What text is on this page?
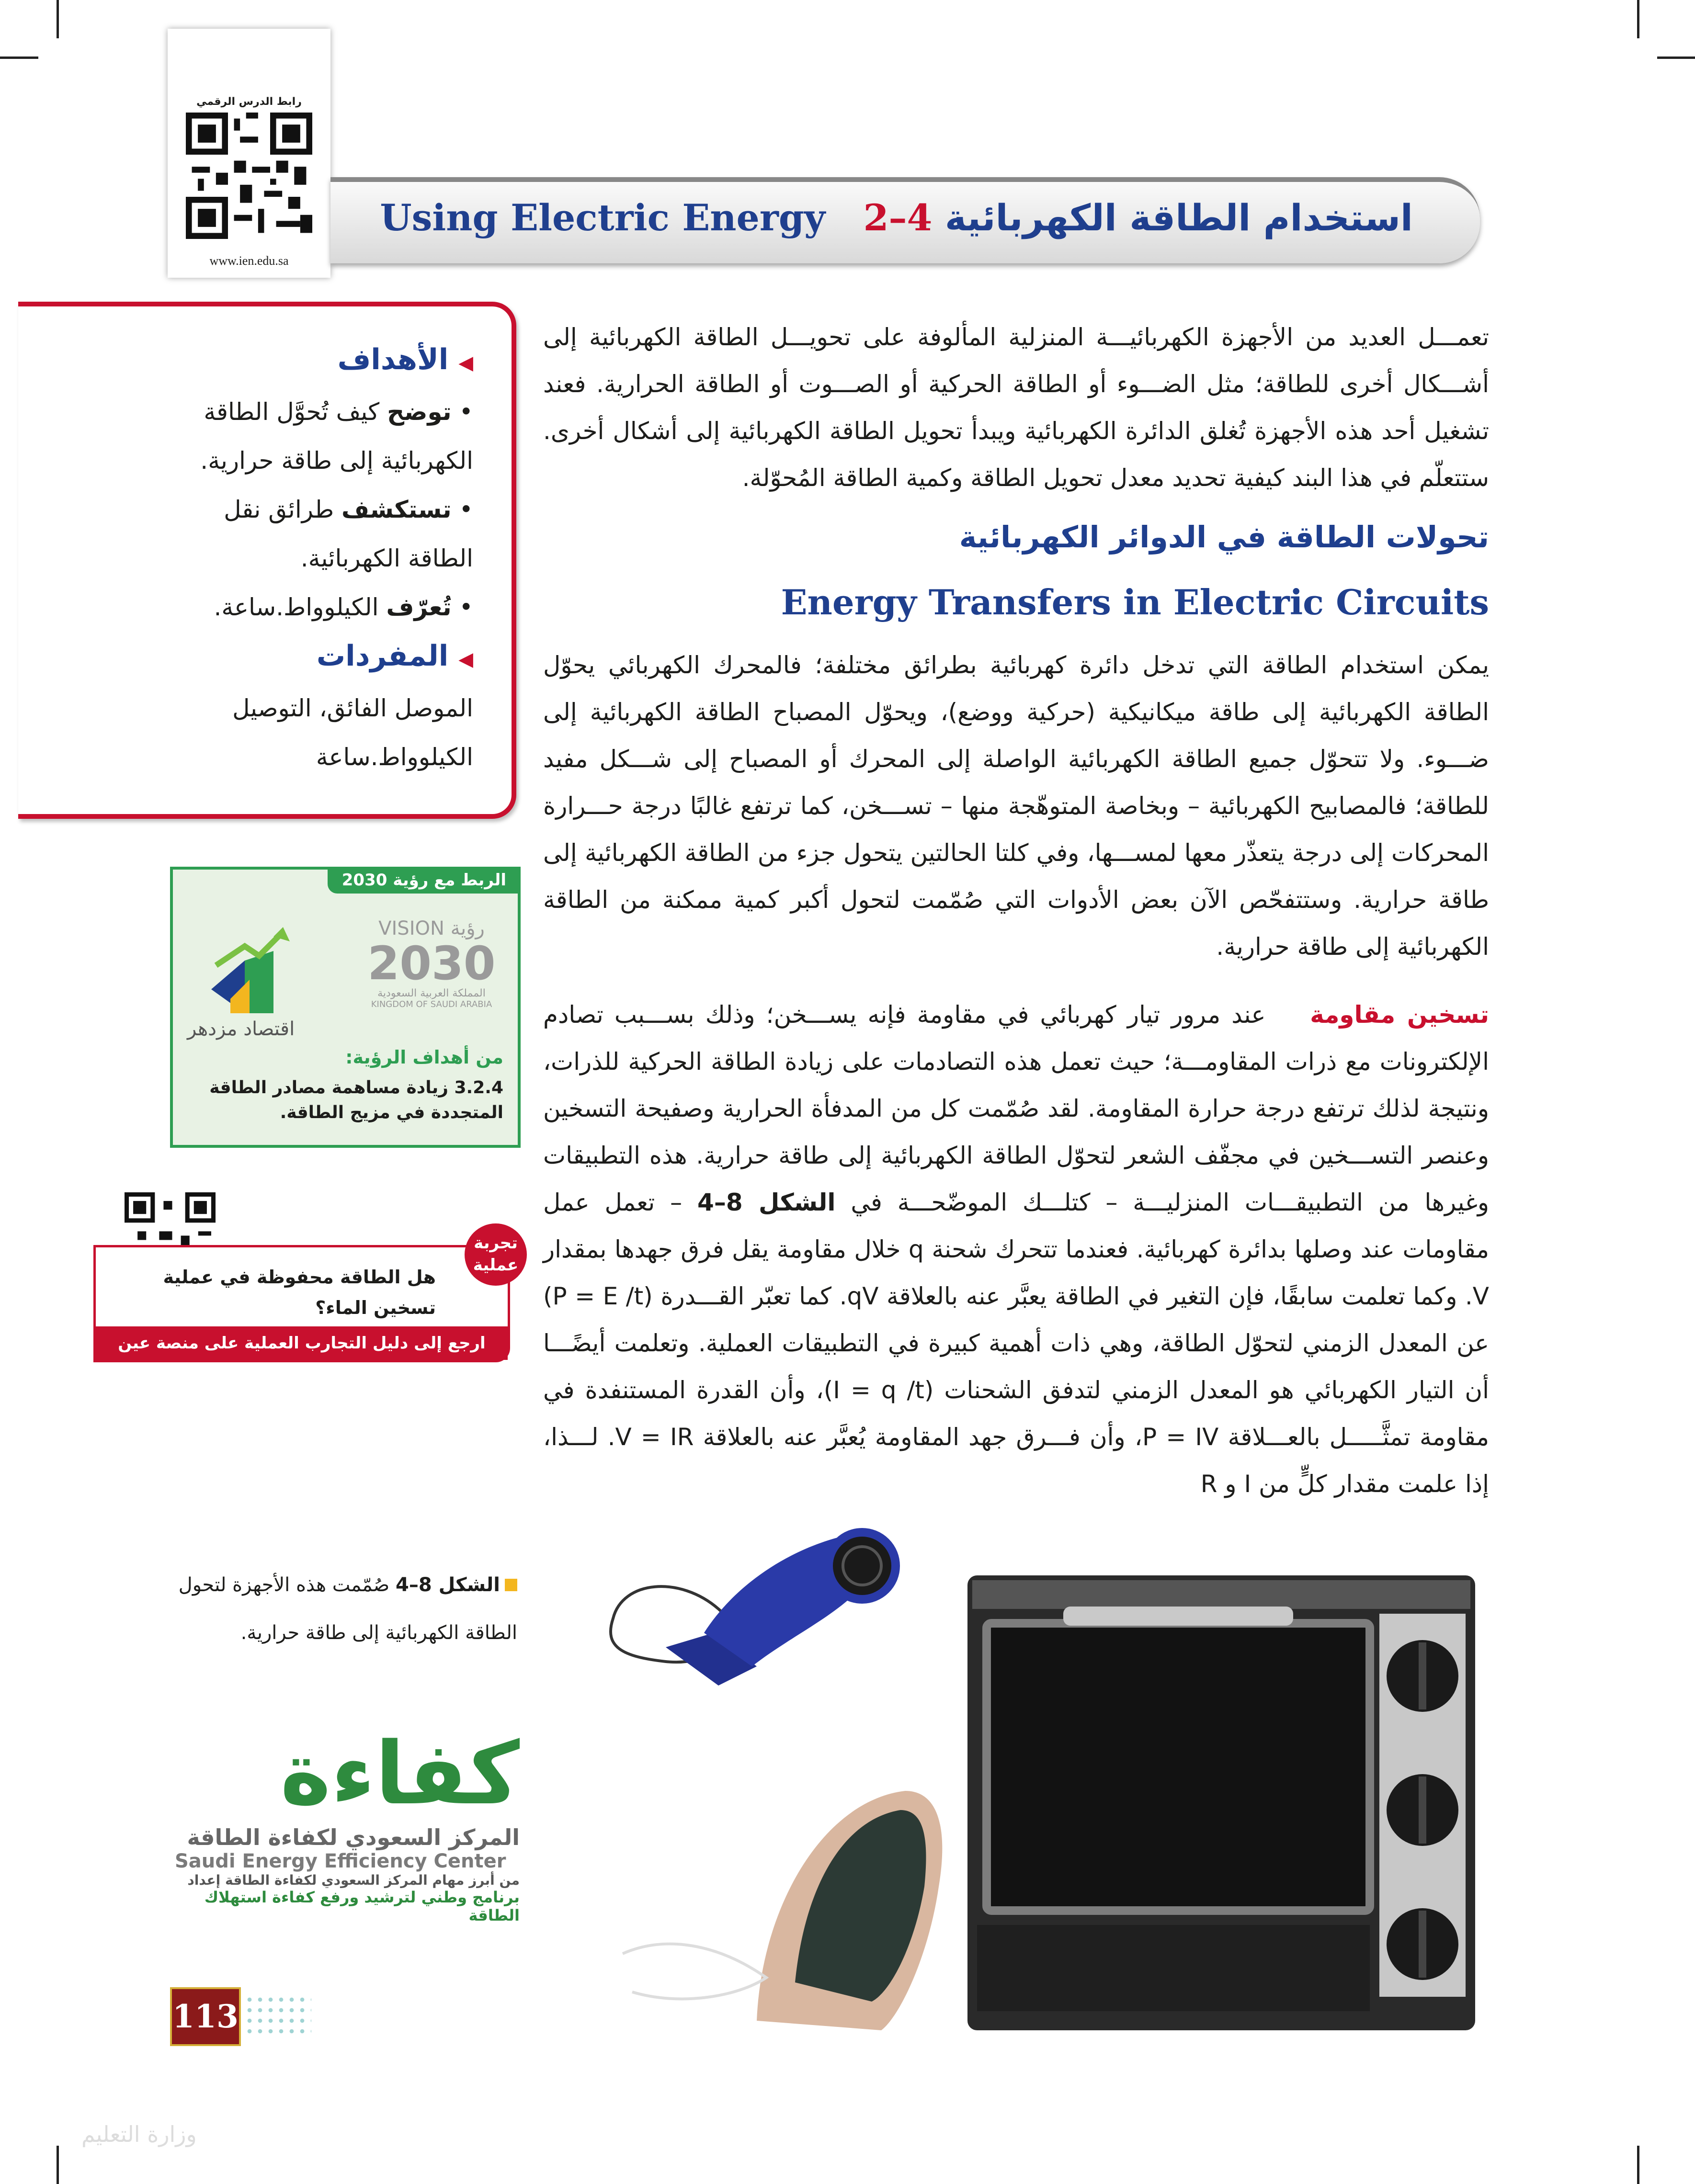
رابط الدرس الرقمي
www.ien.edu.sa
Using Electric Energy	استخدام الطاقة الكهربائية 4–2

تعمـــل العديد من الأجهزة الكهربائيـــة المنزلية المألوفة على تحويـــل الطاقة الكهربائية إلى أشـــكال أخرى للطاقة؛ مثل الضـــوء أو الطاقة الحركية أو الصـــوت أو الطاقة الحرارية. فعند تشغيل أحد هذه الأجهزة تُغلق الدائرة الكهربائية ويبدأ تحويل الطاقة الكهربائية إلى أشكال أخرى. ستتعلّم في هذا البند كيفية تحديد معدل تحويل الطاقة وكمية الطاقة المُحوّلة.

تحولات الطاقة في الدوائر الكهربائية
Energy Transfers in Electric Circuits

يمكن استخدام الطاقة التي تدخل دائرة كهربائية بطرائق مختلفة؛ فالمحرك الكهربائي يحوّل الطاقة الكهربائية إلى طاقة ميكانيكية (حركية ووضع)، ويحوّل المصباح الطاقة الكهربائية إلى ضـــوء. ولا تتحوّل جميع الطاقة الكهربائية الواصلة إلى المحرك أو المصباح إلى شـــكل مفيد للطاقة؛ فالمصابيح الكهربائية – وبخاصة المتوهّجة منها – تســـخن، كما ترتفع غالبًا درجة حـــرارة المحركات إلى درجة يتعذّر معها لمســـها، وفي كلتا الحالتين يتحول جزء من الطاقة الكهربائية إلى طاقة حرارية. وستتفحّص الآن بعض الأدوات التي صُمّمت لتحول أكبر كمية ممكنة من الطاقة الكهربائية إلى طاقة حرارية.

تسخين مقاومة    عند مرور تيار كهربائي في مقاومة فإنه يســـخن؛ وذلك بســـبب تصادم الإلكترونات مع ذرات المقاومـــة؛ حيث تعمل هذه التصادمات على زيادة الطاقة الحركية للذرات، ونتيجة لذلك ترتفع درجة حرارة المقاومة. لقد صُمّمت كل من المدفأة الحرارية وصفيحة التسخين وعنصر التســـخين في مجفّف الشعر لتحوّل الطاقة الكهربائية إلى طاقة حرارية. هذه التطبيقات وغيرها من التطبيقـــات المنزليـــة – كتلـــك الموضّحـــة في الشكل 8–4 – تعمل عمل مقاومات عند وصلها بدائرة كهربائية. فعندما تتحرك شحنة q خلال مقاومة يقل فرق جهدها بمقدار V. وكما تعلمت سابقًا، فإن التغير في الطاقة يعبَّر عنه بالعلاقة qV. كما تعبّر القـــدرة (P = E /t) عن المعدل الزمني لتحوّل الطاقة، وهي ذات أهمية كبيرة في التطبيقات العملية. وتعلمت أيضًـــا أن التيار الكهربائي هو المعدل الزمني لتدفق الشحنات (I = q /t)، وأن القدرة المستنفدة في مقاومة تمثَّـــــل بالعـــلاقة P = IV، وأن فـــرق جهد المقاومة يُعبَّر عنه بالعلاقة V = IR. لـــذا، إذا علمت مقدار كلٍّ من I و R

◀ الأهداف
• توضح كيف تُحوَّل الطاقة الكهربائية إلى طاقة حرارية.
• تستكشف طرائق نقل الطاقة الكهربائية.
• تُعرّف الكيلوواط.ساعة.
◀ المفردات
الموصل الفائق، التوصيل
الكيلوواط.ساعة
الربط مع رؤية 2030
VISION رؤية
2030
المملكة العربية السعودية
KINGDOM OF SAUDI ARABIA
اقتصاد مزدهر
من أهداف الرؤية:
3.2.4 زيادة مساهمة مصادر الطاقة المتجددة في مزيج الطاقة.
تجربة عملية
هل الطاقة محفوظة في عملية تسخين الماء؟
ارجع إلى دليل التجارب العملية على منصة عين الإثرائية
الشكل 8–4 صُمّمت هذه الأجهزة لتحول الطاقة الكهربائية إلى طاقة حرارية.
كفاءة
المركز السعودي لكفاءة الطاقة
Saudi Energy Efficiency Center
من أبرز مهام المركز السعودي لكفاءة الطاقة إعداد
برنامج وطني لترشيد ورفع كفاءة استهلاك الطاقة
113
وزارة التعليم
